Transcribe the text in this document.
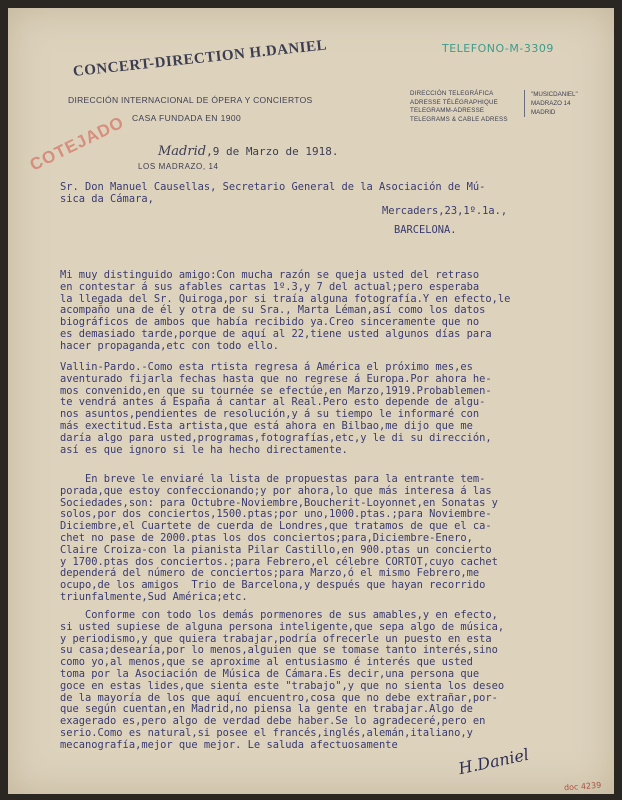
TELEFONO-M-3309
CONCERT-DIRECTION H.DANIEL
DIRECCIÓN INTERNACIONAL DE ÓPERA Y CONCIERTOS
CASA FUNDADA EN 1900
Madrid,9 de Marzo de 1918.
LOS MADRAZO, 14
DIRECCIÓN TELEGRÁFICA
ADRESSE TÉLÉGRAPHIQUE
TELEGRAMM-ADRESSE
TELEGRAMS & CABLE ADRESS
"MUSICDANIEL"
MADRAZO 14
MADRID
COTEJADO
Sr. Don Manuel Causellas, Secretario General de la Asociación de Mú-
sica da Cámara,
Mercaders,23,1º.1a.,
BARCELONA.
Mi muy distinguido amigo:Con mucha razón se queja usted del retraso
en contestar á sus afables cartas 1º.3,y 7 del actual;pero esperaba
la llegada del Sr. Quiroga,por si traía alguna fotografía.Y en efecto,le
acompaño una de él y otra de su Sra., Marta Léman,así como los datos
biográficos de ambos que había recibido ya.Creo sinceramente que no
es demasiado tarde,porque de aquí al 22,tiene usted algunos días para
hacer propaganda,etc con todo ello.
Vallin-Pardo.-Como esta rtista regresa á América el próximo mes,es
aventurado fijarla fechas hasta que no regrese á Europa.Por ahora he-
mos convenido,en que su tournée se efectúe,en Marzo,1919.Probablemen-
te vendrá antes á España á cantar al Real.Pero esto depende de algu-
nos asuntos,pendientes de resolución,y á su tiempo le informaré con
más exectitud.Esta artista,que está ahora en Bilbao,me dijo que me
daría algo para usted,programas,fotografías,etc,y le di su dirección,
así es que ignoro si le ha hecho directamente.
En breve le enviaré la lista de propuestas para la entrante tem-
porada,que estoy confeccionando;y por ahora,lo que más interesa á las
Sociedades,son: para Octubre-Noviembre,Boucherit-Loyonnet,en Sonatas y
solos,por dos conciertos,1500.ptas;por uno,1000.ptas.;para Noviembre-
Diciembre,el Cuartete de cuerda de Londres,que tratamos de que el ca-
chet no pase de 2000.ptas los dos conciertos;para,Diciembre-Enero,
Claire Croiza-con la pianista Pilar Castillo,en 900.ptas un concierto
y 1700.ptas dos conciertos.;para Febrero,el célebre CORTOT,cuyo cachet
dependerá del número de conciertos;para Marzo,ó el mismo Febrero,me
ocupo,de los amigos  Trio de Barcelona,y después que hayan recorrido
triunfalmente,Sud América;etc.
Conforme con todo los demás pormenores de sus amables,y en efecto,
si usted supiese de alguna persona inteligente,que sepa algo de música,
y periodismo,y que quiera trabajar,podría ofrecerle un puesto en esta
su casa;desearía,por lo menos,alguien que se tomase tanto interés,sino
como yo,al menos,que se aproxime al entusiasmo é interés que usted
toma por la Asociación de Música de Cámara.Es decir,una persona que
goce en estas lides,que sienta este "trabajo",y que no sienta los deseo
de la mayoría de los que aquí encuentro,cosa que no debe extrañar,por-
que según cuentan,en Madrid,no piensa la gente en trabajar.Algo de
exagerado es,pero algo de verdad debe haber.Se lo agradeceré,pero en
serio.Como es natural,si posee el francés,inglés,alemán,italiano,y
mecanografía,mejor que mejor. Le saluda afectuosamente
H.Daniel
doc 4239
